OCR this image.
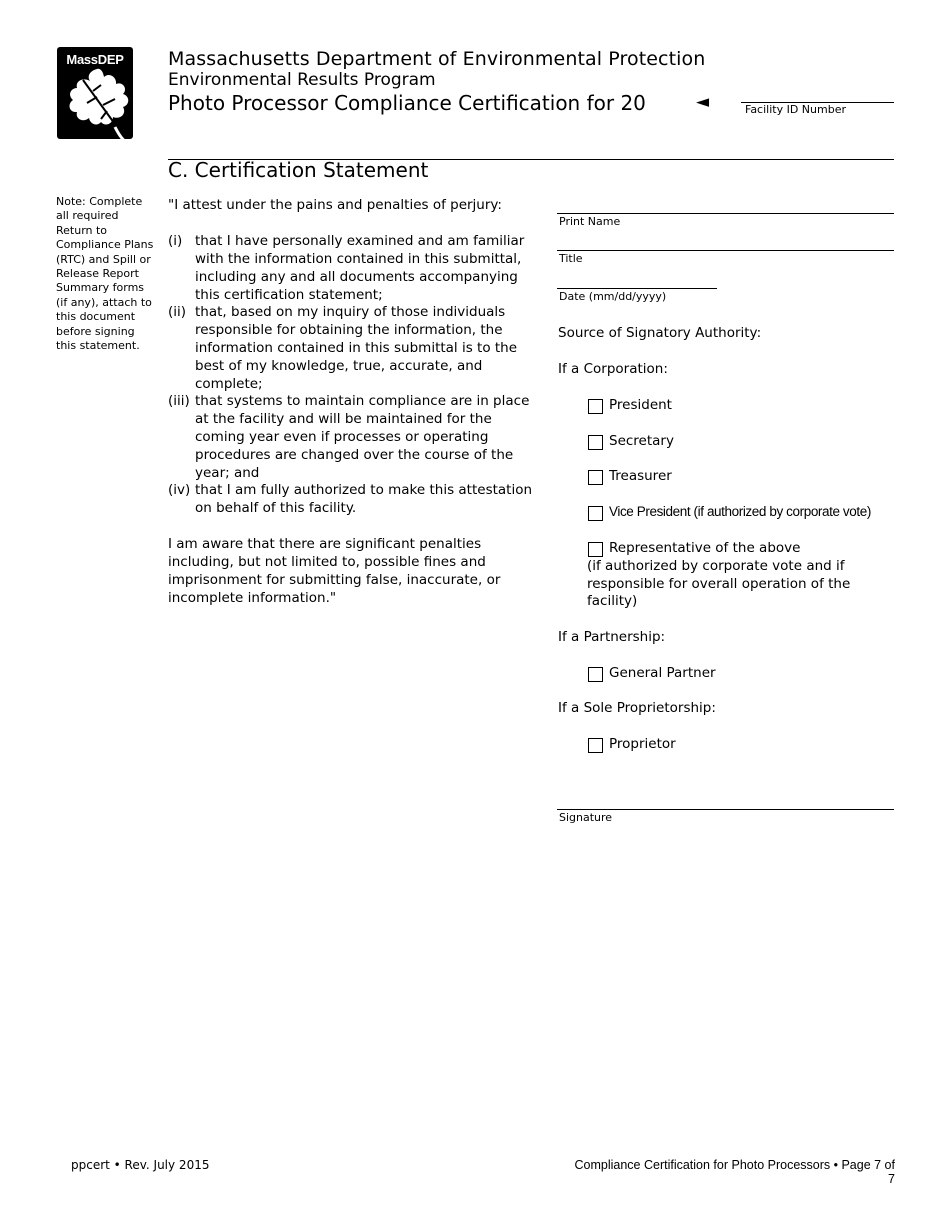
MassDEP	Massachusetts Department of Environmental Protection
Environmental Results Program
Photo Processor Compliance Certification for 20	◄	Facility ID Number
C. Certification Statement
Note: Complete all required Return to Compliance Plans (RTC) and Spill or Release Report Summary forms (if any), attach to this document before signing this statement.
"I attest under the pains and penalties of perjury:
(i) that I have personally examined and am familiar with the information contained in this submittal, including any and all documents accompanying this certification statement;
(ii) that, based on my inquiry of those individuals responsible for obtaining the information, the information contained in this submittal is to the best of my knowledge, true, accurate, and complete;
(iii) that systems to maintain compliance are in place at the facility and will be maintained for the coming year even if processes or operating procedures are changed over the course of the year; and
(iv) that I am fully authorized to make this attestation on behalf of this facility.
I am aware that there are significant penalties including, but not limited to, possible fines and imprisonment for submitting false, inaccurate, or incomplete information."
Print Name
Title
Date (mm/dd/yyyy)
Source of Signatory Authority:
If a Corporation:
President
Secretary
Treasurer
Vice President (if authorized by corporate vote)
Representative of the above
(if authorized by corporate vote and if responsible for overall operation of the facility)
If a Partnership:
General Partner
If a Sole Proprietorship:
Proprietor
Signature
ppcert • Rev. July 2015	Compliance Certification for Photo Processors • Page 7 of 7
